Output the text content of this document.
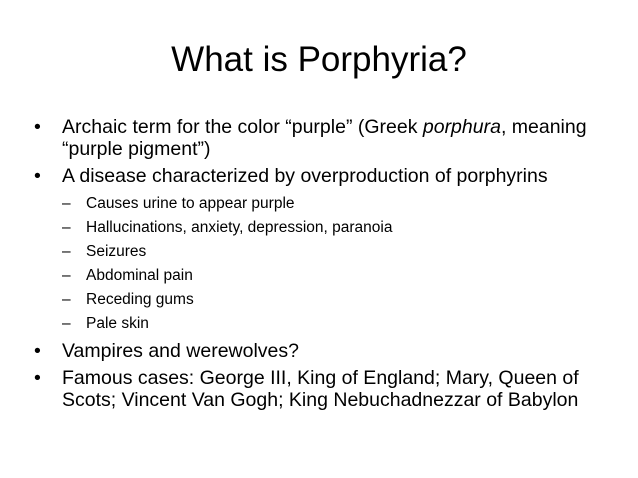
What is Porphyria?
•	Archaic term for the color “purple” (Greek porphura, meaning “purple pigment”)
•	A disease characterized by overproduction of porphyrins
– Causes urine to appear purple
– Hallucinations, anxiety, depression, paranoia
– Seizures
– Abdominal pain
– Receding gums
– Pale skin
•	Vampires and werewolves?
•	Famous cases: George III, King of England; Mary, Queen of Scots; Vincent Van Gogh; King Nebuchadnezzar of Babylon
